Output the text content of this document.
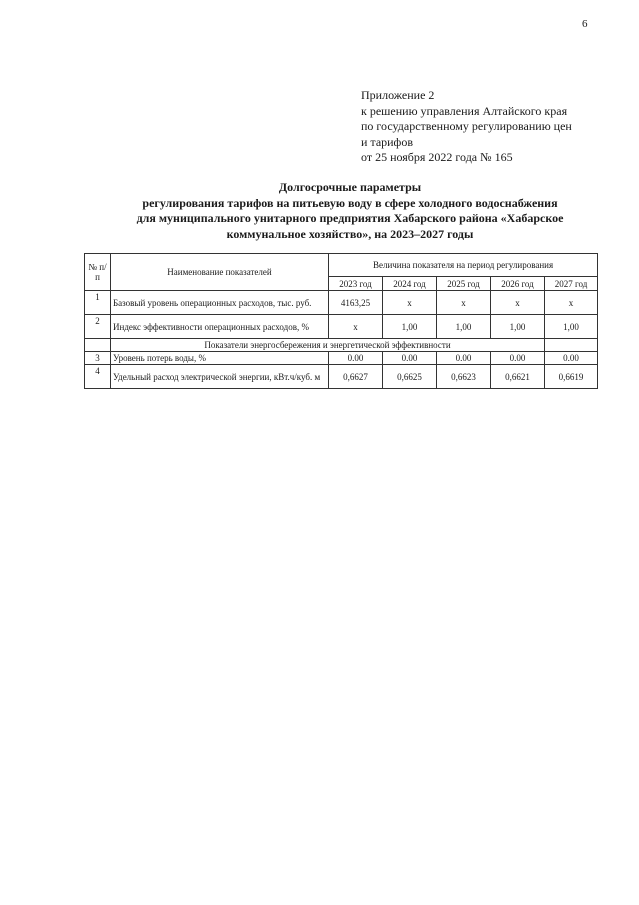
6
Приложение 2
к решению управления Алтайского края
по государственному регулированию цен
и тарифов
от 25 ноября 2022 года № 165
Долгосрочные параметры
регулирования тарифов на питьевую воду в сфере холодного водоснабжения
для муниципального унитарного предприятия Хабарского района «Хабарское
коммунальное хозяйство», на 2023–2027 годы
№ п/п	Наименование показателей	Величина показателя на период регулирования				
		2023 год	2024 год	2025 год	2026 год	2027 год
1	Базовый уровень операционных расходов, тыс. руб.	4163,25	х	х	х	х
2	Индекс эффективности операционных расходов, %	х	1,00	1,00	1,00	1,00
	Показатели энергосбережения и энергетической эффективности					
3	Уровень потерь воды, %	0.00	0.00	0.00	0.00	0.00
4	Удельный расход электрической энергии, кВт.ч/куб. м	0,6627	0,6625	0,6623	0,6621	0,6619
